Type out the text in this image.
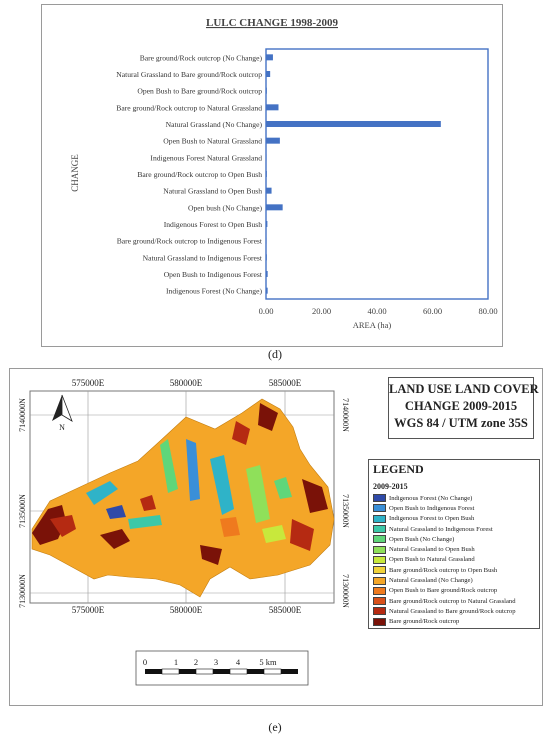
LULC CHANGE 1998-2009
Bare ground/Rock outcrop (No Change)
Natural Grassland to Bare ground/Rock outcrop
Open Bush to Bare ground/Rock outcrop
Bare ground/Rock outcrop to Natural Grassland
Natural Grassland (No Change)
Open Bush to Natural Grassland
Indigenous Forest Natural Grassland
Bare ground/Rock outcrop to Open Bush
Natural Grassland to Open Bush
Open bush (No Change)
Indigenous Forest to Open Bush
Bare ground/Rock outcrop to Indigenous Forest
Natural Grassland to Indigenous Forest
Open Bush to Indigenous Forest
Indigenous Forest (No Change)
0.00	20.00	40.00	60.00	80.00
AREA (ha)
CHANGE
(d)
N
575000E	580000E	585000E
575000E	580000E	585000E
7140000N
7135000N
7130000N
7140000N
7135000N
7130000N
0	1 2 3 4 5 km
LAND USE LAND COVER
CHANGE 2009-2015
WGS 84 / UTM zone 35S
LEGEND
2009-2015
Indigenous Forest (No Change)
Open Bush to Indigenous Forest
Indigenous Forest to Open Bush
Natural Grassland to Indigenous Forest
Open Bush (No Change)
Natural Grassland to Open Bush
Open Bush to Natural Grassland
Bare ground/Rock outcrop to Open Bush
Natural Grassland (No Change)
Open Bush to Bare ground/Rock outcrop
Bare ground/Rock outcrop to Natural Grassland
Natural Grassland to Bare ground/Rock outcrop
Bare ground/Rock outcrop
(e)
